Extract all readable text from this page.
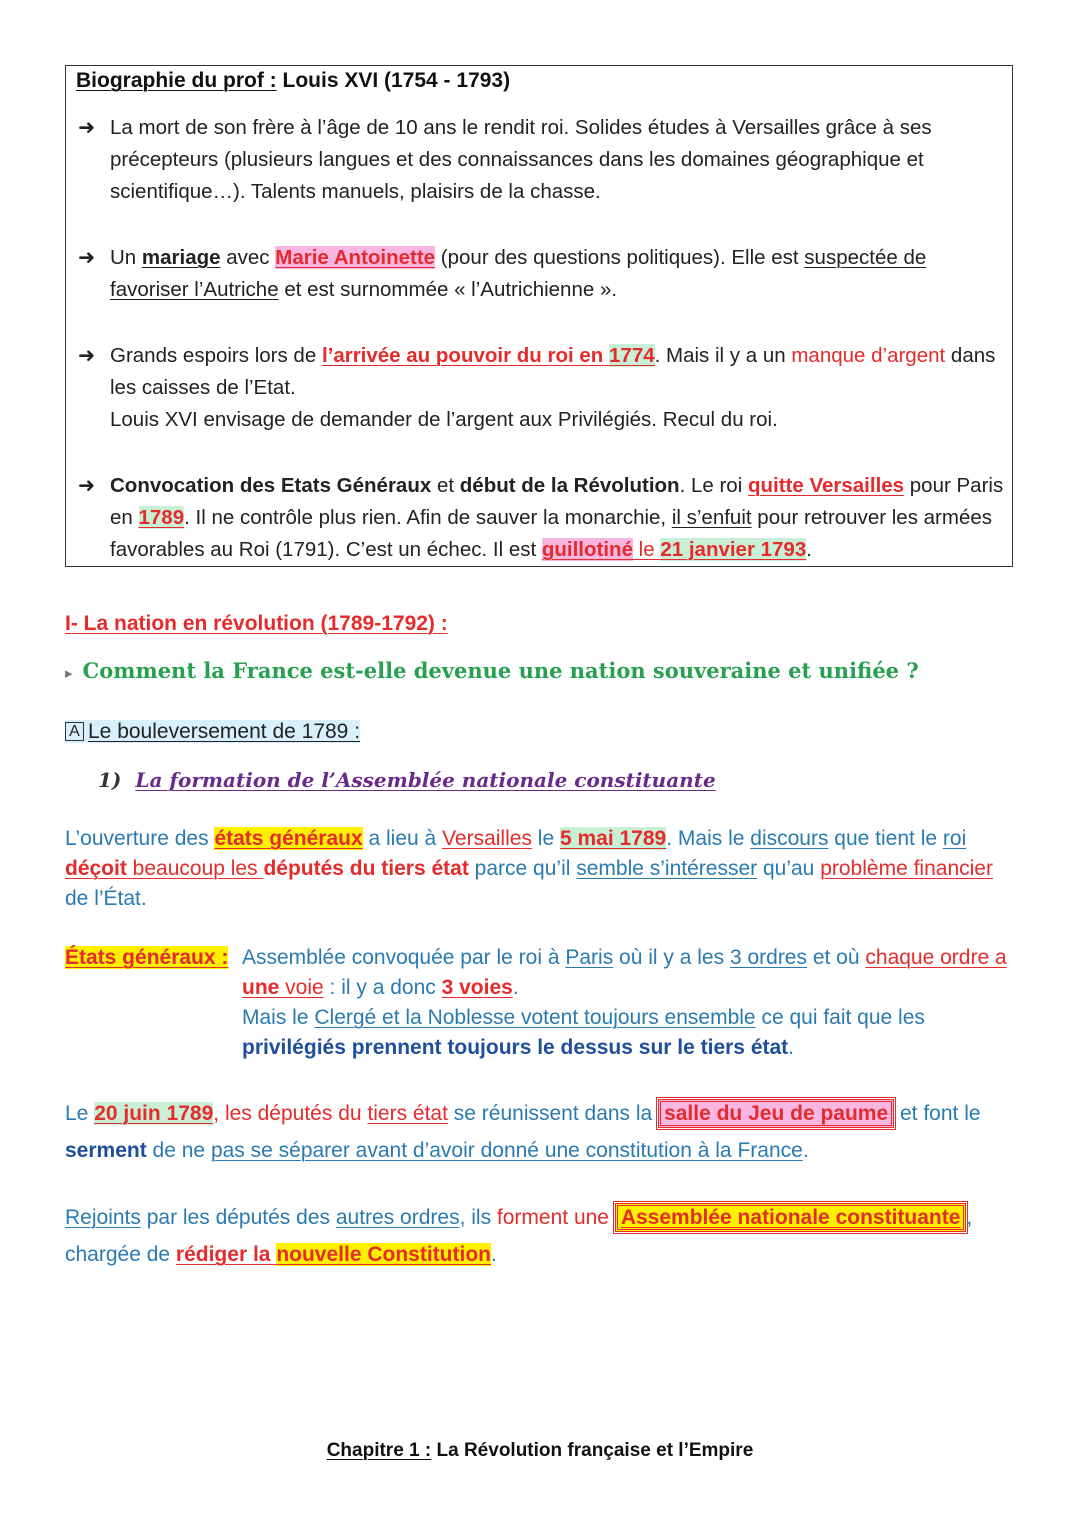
Biographie du prof : Louis XVI (1754 - 1793)
➜ La mort de son frère à l’âge de 10 ans le rendit roi. Solides études à Versailles grâce à ses précepteurs (plusieurs langues et des connaissances dans les domaines géographique et scientifique…). Talents manuels, plaisirs de la chasse.
➜ Un mariage avec Marie Antoinette (pour des questions politiques). Elle est suspectée de favoriser l’Autriche et est surnommée « l’Autrichienne ».
➜ Grands espoirs lors de l’arrivée au pouvoir du roi en 1774. Mais il y a un manque d’argent dans les caisses de l’Etat.
Louis XVI envisage de demander de l’argent aux Privilégiés. Recul du roi.
➜ Convocation des Etats Généraux et début de la Révolution. Le roi quitte Versailles pour Paris en 1789. Il ne contrôle plus rien. Afin de sauver la monarchie, il s’enfuit pour retrouver les armées favorables au Roi (1791). C’est un échec. Il est guillotiné le 21 janvier 1793.
I- La nation en révolution (1789-1792) :
▸ Comment la France est-elle devenue une nation souveraine et unifiée ?
A Le bouleversement de 1789 :
1) La formation de l’Assemblée nationale constituante
L’ouverture des états généraux a lieu à Versailles le 5 mai 1789. Mais le discours que tient le roi déçoit beaucoup les députés du tiers état parce qu’il semble s’intéresser qu’au problème financier de l’État.
États généraux : Assemblée convoquée par le roi à Paris où il y a les 3 ordres et où chaque ordre a une voie : il y a donc 3 voies.
Mais le Clergé et la Noblesse votent toujours ensemble ce qui fait que les
privilégiés prennent toujours le dessus sur le tiers état.
Le 20 juin 1789, les députés du tiers état se réunissent dans la salle du Jeu de paume et font le serment de ne pas se séparer avant d’avoir donné une constitution à la France.
Rejoints par les députés des autres ordres, ils forment une Assemblée nationale constituante ,
chargée de rédiger la nouvelle Constitution.
Chapitre 1 : La Révolution française et l’Empire
